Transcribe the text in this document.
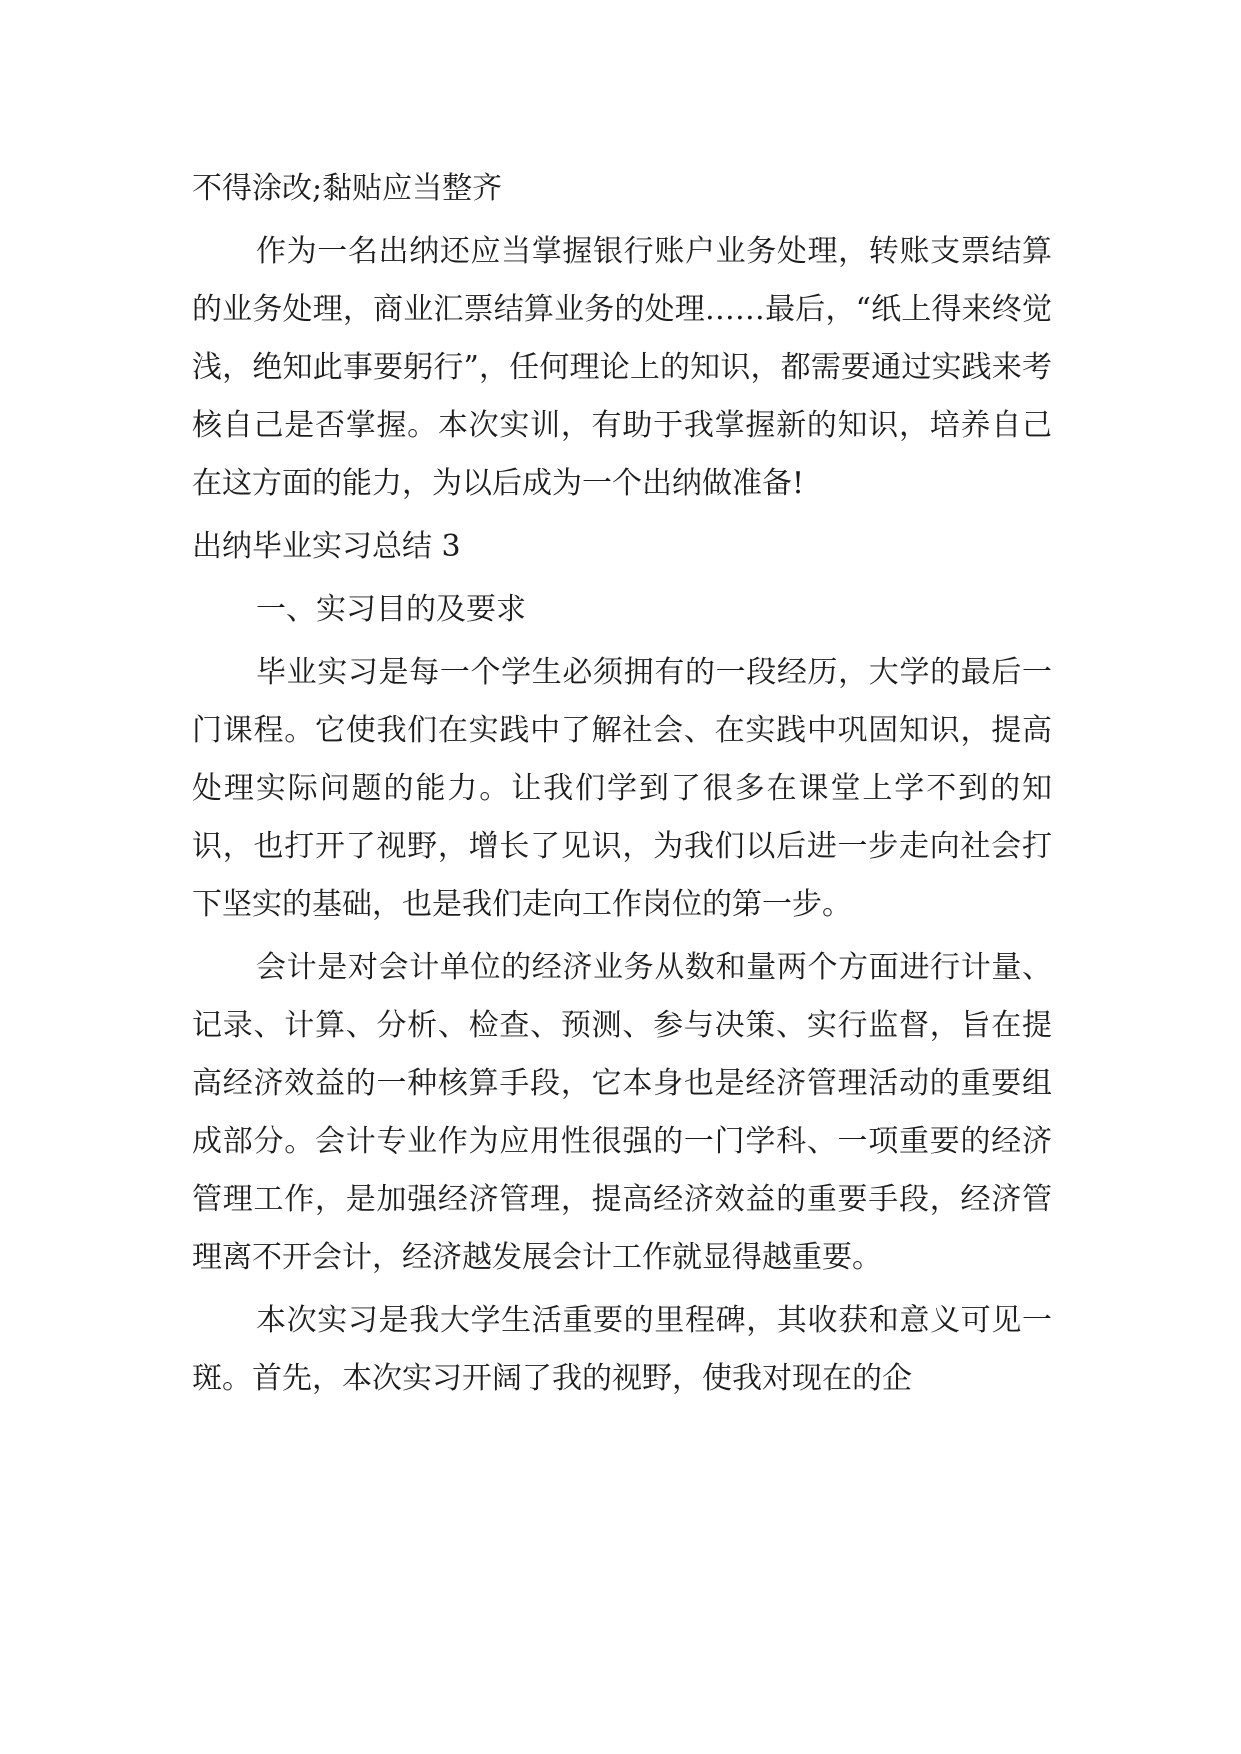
不得涂改;黏贴应当整齐

作为一名出纳还应当掌握银行账户业务处理，转账支票结算的业务处理，商业汇票结算业务的处理……最后，“纸上得来终觉浅，绝知此事要躬行”，任何理论上的知识，都需要通过实践来考核自己是否掌握。本次实训，有助于我掌握新的知识，培养自己在这方面的能力，为以后成为一个出纳做准备!

出纳毕业实习总结 3

一、实习目的及要求

毕业实习是每一个学生必须拥有的一段经历，大学的最后一门课程。它使我们在实践中了解社会、在实践中巩固知识，提高处理实际问题的能力。让我们学到了很多在课堂上学不到的知识，也打开了视野，增长了见识，为我们以后进一步走向社会打下坚实的基础，也是我们走向工作岗位的第一步。

会计是对会计单位的经济业务从数和量两个方面进行计量、记录、计算、分析、检查、预测、参与决策、实行监督，旨在提高经济效益的一种核算手段，它本身也是经济管理活动的重要组成部分。会计专业作为应用性很强的一门学科、一项重要的经济管理工作，是加强经济管理，提高经济效益的重要手段，经济管理离不开会计，经济越发展会计工作就显得越重要。

本次实习是我大学生活重要的里程碑，其收获和意义可见一斑。首先，本次实习开阔了我的视野，使我对现在的企
